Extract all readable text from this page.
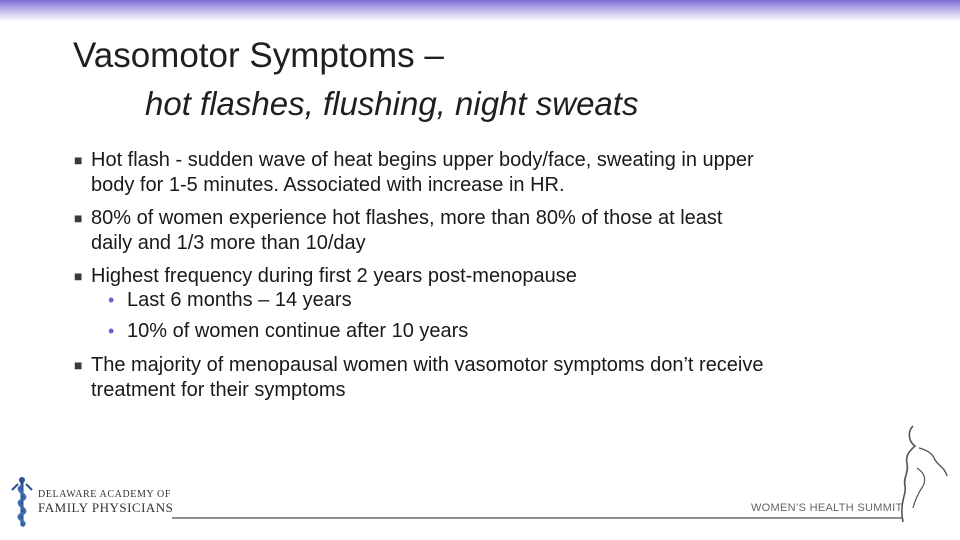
Vasomotor Symptoms –
hot flashes, flushing, night sweats
■ Hot flash - sudden wave of heat begins upper body/face, sweating in upper body for 1-5 minutes. Associated with increase in HR.
■ 80% of women experience hot flashes, more than 80% of those at least daily and 1/3 more than 10/day
■ Highest frequency during first 2 years post-menopause
• Last 6 months – 14 years
• 10% of women continue after 10 years
■ The majority of menopausal women with vasomotor symptoms don’t receive treatment for their symptoms
DELAWARE ACADEMY OF
FAMILY PHYSICIANS	WOMEN’S HEALTH SUMMIT
